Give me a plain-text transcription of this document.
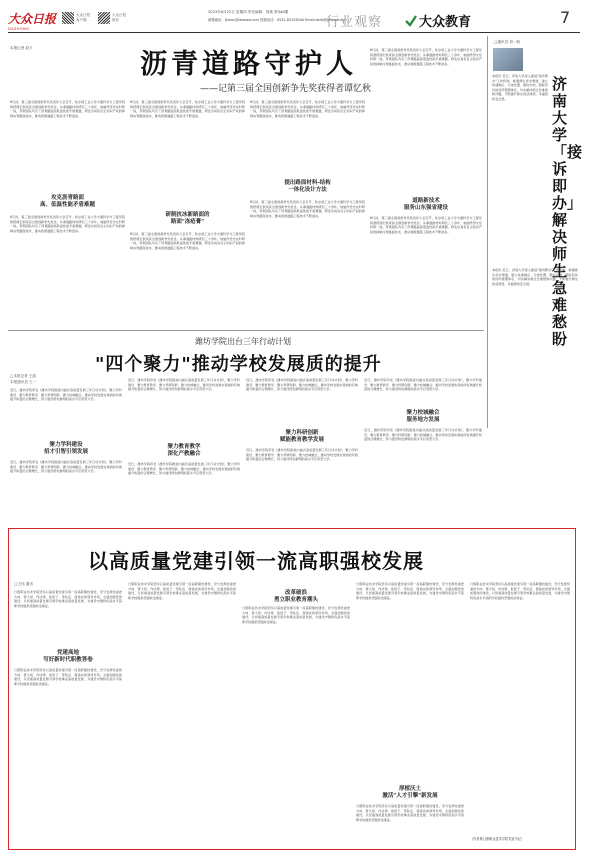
大众日报
DAZHONG
大众日报
客户端
大众日报
微信
2023年6月22日 星期四 责任编辑：郭爽 第346期
邮箱地址：fjshou@dzwww.com 投稿电话：0531-85193044 Email:dzrb@dzwww.com
行业观察	大众教育	7
本报记者 赵丰
沥青道路守护人
——记第三届全国创新争先奖获得者谭忆秋
6月初，第三届全国创新争先奖表彰大会召开，哈尔滨工业大学交通科学与工程学院教授谭忆秋荣获全国创新争先奖章。从事道路材料研究三十余年，她始终坚守在科研一线，带领团队攻克了沥青路面高低温性能矛盾难题，研发出具有自主知识产权的抑制冰雪路面技术，推动我国道路工程技术不断进步。
攻克沥青路面
高、低温性能矛盾难题
6月初，第三届全国创新争先奖表彰大会召开，哈尔滨工业大学交通科学与工程学院教授谭忆秋荣获全国创新争先奖章。从事道路材料研究三十余年，她始终坚守在科研一线，带领团队攻克了沥青路面高低温性能矛盾难题，研发出具有自主知识产权的抑制冰雪路面技术，推动我国道路工程技术不断进步。
6月初，第三届全国创新争先奖表彰大会召开，哈尔滨工业大学交通科学与工程学院教授谭忆秋荣获全国创新争先奖章。从事道路材料研究三十余年，她始终坚守在科研一线，带领团队攻克了沥青路面高低温性能矛盾难题，研发出具有自主知识产权的抑制冰雪路面技术，推动我国道路工程技术不断进步。
研制抗冰新路面的
路面"冻疮膏"
6月初，第三届全国创新争先奖表彰大会召开，哈尔滨工业大学交通科学与工程学院教授谭忆秋荣获全国创新争先奖章。从事道路材料研究三十余年，她始终坚守在科研一线，带领团队攻克了沥青路面高低温性能矛盾难题，研发出具有自主知识产权的抑制冰雪路面技术，推动我国道路工程技术不断进步。
6月初，第三届全国创新争先奖表彰大会召开，哈尔滨工业大学交通科学与工程学院教授谭忆秋荣获全国创新争先奖章。从事道路材料研究三十余年，她始终坚守在科研一线，带领团队攻克了沥青路面高低温性能矛盾难题，研发出具有自主知识产权的抑制冰雪路面技术，推动我国道路工程技术不断进步。
提出路面材料-结构
一体化设计方法
6月初，第三届全国创新争先奖表彰大会召开，哈尔滨工业大学交通科学与工程学院教授谭忆秋荣获全国创新争先奖章。从事道路材料研究三十余年，她始终坚守在科研一线，带领团队攻克了沥青路面高低温性能矛盾难题，研发出具有自主知识产权的抑制冰雪路面技术，推动我国道路工程技术不断进步。
6月初，第三届全国创新争先奖表彰大会召开，哈尔滨工业大学交通科学与工程学院教授谭忆秋荣获全国创新争先奖章。从事道路材料研究三十余年，她始终坚守在科研一线，带领团队攻克了沥青路面高低温性能矛盾难题，研发出具有自主知识产权的抑制冰雪路面技术，推动我国道路工程技术不断进步。
道路新技术
服务山东强省建设
6月初，第三届全国创新争先奖表彰大会召开，哈尔滨工业大学交通科学与工程学院教授谭忆秋荣获全国创新争先奖章。从事道路材料研究三十余年，她始终坚守在科研一线，带领团队攻克了沥青路面高低温性能矛盾难题，研发出具有自主知识产权的抑制冰雪路面技术，推动我国道路工程技术不断进步。
□通讯员 刘一帆
济南大学「接诉即办」解决师生急难愁盼
本报讯 近日，济南大学深入推进"接诉即办"工作机制，畅通师生诉求渠道，建立快速响应、分类处置、限时办结、跟踪回访的闭环管理体系，切实解决师生急难愁盼问题，不断提升师生的获得感、幸福感和安全感。
本报讯 近日，济南大学深入推进"接诉即办"工作机制，畅通师生诉求渠道，建立快速响应、分类处置、限时办结、跟踪回访的闭环管理体系，切实解决师生急难愁盼问题，不断提升师生的获得感、幸福感和安全感。
潍坊学院出台三年行动计划
"四个聚力"推动学校发展质的提升
□本报记者 王凯
本报通讯员 王一
近日，潍坊学院印发《潍坊学院推进内涵式高质量发展三年行动计划》，聚力学科建设、聚力教育教学、聚力科研创新、聚力校城融合，推动学校发展实现质的有效提升和量的合理增长，努力建设特色鲜明的高水平应用型大学。
聚力学科建设
招才引智引领发展
近日，潍坊学院印发《潍坊学院推进内涵式高质量发展三年行动计划》，聚力学科建设、聚力教育教学、聚力科研创新、聚力校城融合，推动学校发展实现质的有效提升和量的合理增长，努力建设特色鲜明的高水平应用型大学。
近日，潍坊学院印发《潍坊学院推进内涵式高质量发展三年行动计划》，聚力学科建设、聚力教育教学、聚力科研创新、聚力校城融合，推动学校发展实现质的有效提升和量的合理增长，努力建设特色鲜明的高水平应用型大学。
聚力教育教学
深化产教融合
近日，潍坊学院印发《潍坊学院推进内涵式高质量发展三年行动计划》，聚力学科建设、聚力教育教学、聚力科研创新、聚力校城融合，推动学校发展实现质的有效提升和量的合理增长，努力建设特色鲜明的高水平应用型大学。
近日，潍坊学院印发《潍坊学院推进内涵式高质量发展三年行动计划》，聚力学科建设、聚力教育教学、聚力科研创新、聚力校城融合，推动学校发展实现质的有效提升和量的合理增长，努力建设特色鲜明的高水平应用型大学。
聚力科研创新
赋能教育教学发展
近日，潍坊学院印发《潍坊学院推进内涵式高质量发展三年行动计划》，聚力学科建设、聚力教育教学、聚力科研创新、聚力校城融合，推动学校发展实现质的有效提升和量的合理增长，努力建设特色鲜明的高水平应用型大学。
近日，潍坊学院印发《潍坊学院推进内涵式高质量发展三年行动计划》，聚力学科建设、聚力教育教学、聚力科研创新、聚力校城融合，推动学校发展实现质的有效提升和量的合理增长，努力建设特色鲜明的高水平应用型大学。
聚力校城融合
服务地方发展
近日，潍坊学院印发《潍坊学院推进内涵式高质量发展三年行动计划》，聚力学科建设、聚力教育教学、聚力科研创新、聚力校城融合，推动学校发展实现质的有效提升和量的合理增长，努力建设特色鲜明的高水平应用型大学。
以高质量党建引领一流高职强校发展
□王伟 通讯
日照职业技术学院坚持以高质量党建引领一流高职强校建设，充分发挥党委把方向、管大局、作决策、抓班子、带队伍、保落实的领导作用，全面加强党的建设，以党建高质量发展引领学校事业高质量发展，为建设中国特色高水平高职学校提供坚强政治保证。
党建高地
写好新时代职教答卷
日照职业技术学院坚持以高质量党建引领一流高职强校建设，充分发挥党委把方向、管大局、作决策、抓班子、带队伍、保落实的领导作用，全面加强党的建设，以党建高质量发展引领学校事业高质量发展，为建设中国特色高水平高职学校提供坚强政治保证。
日照职业技术学院坚持以高质量党建引领一流高职强校建设，充分发挥党委把方向、管大局、作决策、抓班子、带队伍、保落实的领导作用，全面加强党的建设，以党建高质量发展引领学校事业高质量发展，为建设中国特色高水平高职学校提供坚强政治保证。
改革破浪
勇立职业教育潮头
日照职业技术学院坚持以高质量党建引领一流高职强校建设，充分发挥党委把方向、管大局、作决策、抓班子、带队伍、保落实的领导作用，全面加强党的建设，以党建高质量发展引领学校事业高质量发展，为建设中国特色高水平高职学校提供坚强政治保证。
日照职业技术学院坚持以高质量党建引领一流高职强校建设，充分发挥党委把方向、管大局、作决策、抓班子、带队伍、保落实的领导作用，全面加强党的建设，以党建高质量发展引领学校事业高质量发展，为建设中国特色高水平高职学校提供坚强政治保证。
厚植沃土
激活"人才引擎"新发展
日照职业技术学院坚持以高质量党建引领一流高职强校建设，充分发挥党委把方向、管大局、作决策、抓班子、带队伍、保落实的领导作用，全面加强党的建设，以党建高质量发展引领学校事业高质量发展，为建设中国特色高水平高职学校提供坚强政治保证。
日照职业技术学院坚持以高质量党建引领一流高职强校建设，充分发挥党委把方向、管大局、作决策、抓班子、带队伍、保落实的领导作用，全面加强党的建设，以党建高质量发展引领学校事业高质量发展，为建设中国特色高水平高职学校提供坚强政治保证。
（作者系日照职业技术学院党委书记）
